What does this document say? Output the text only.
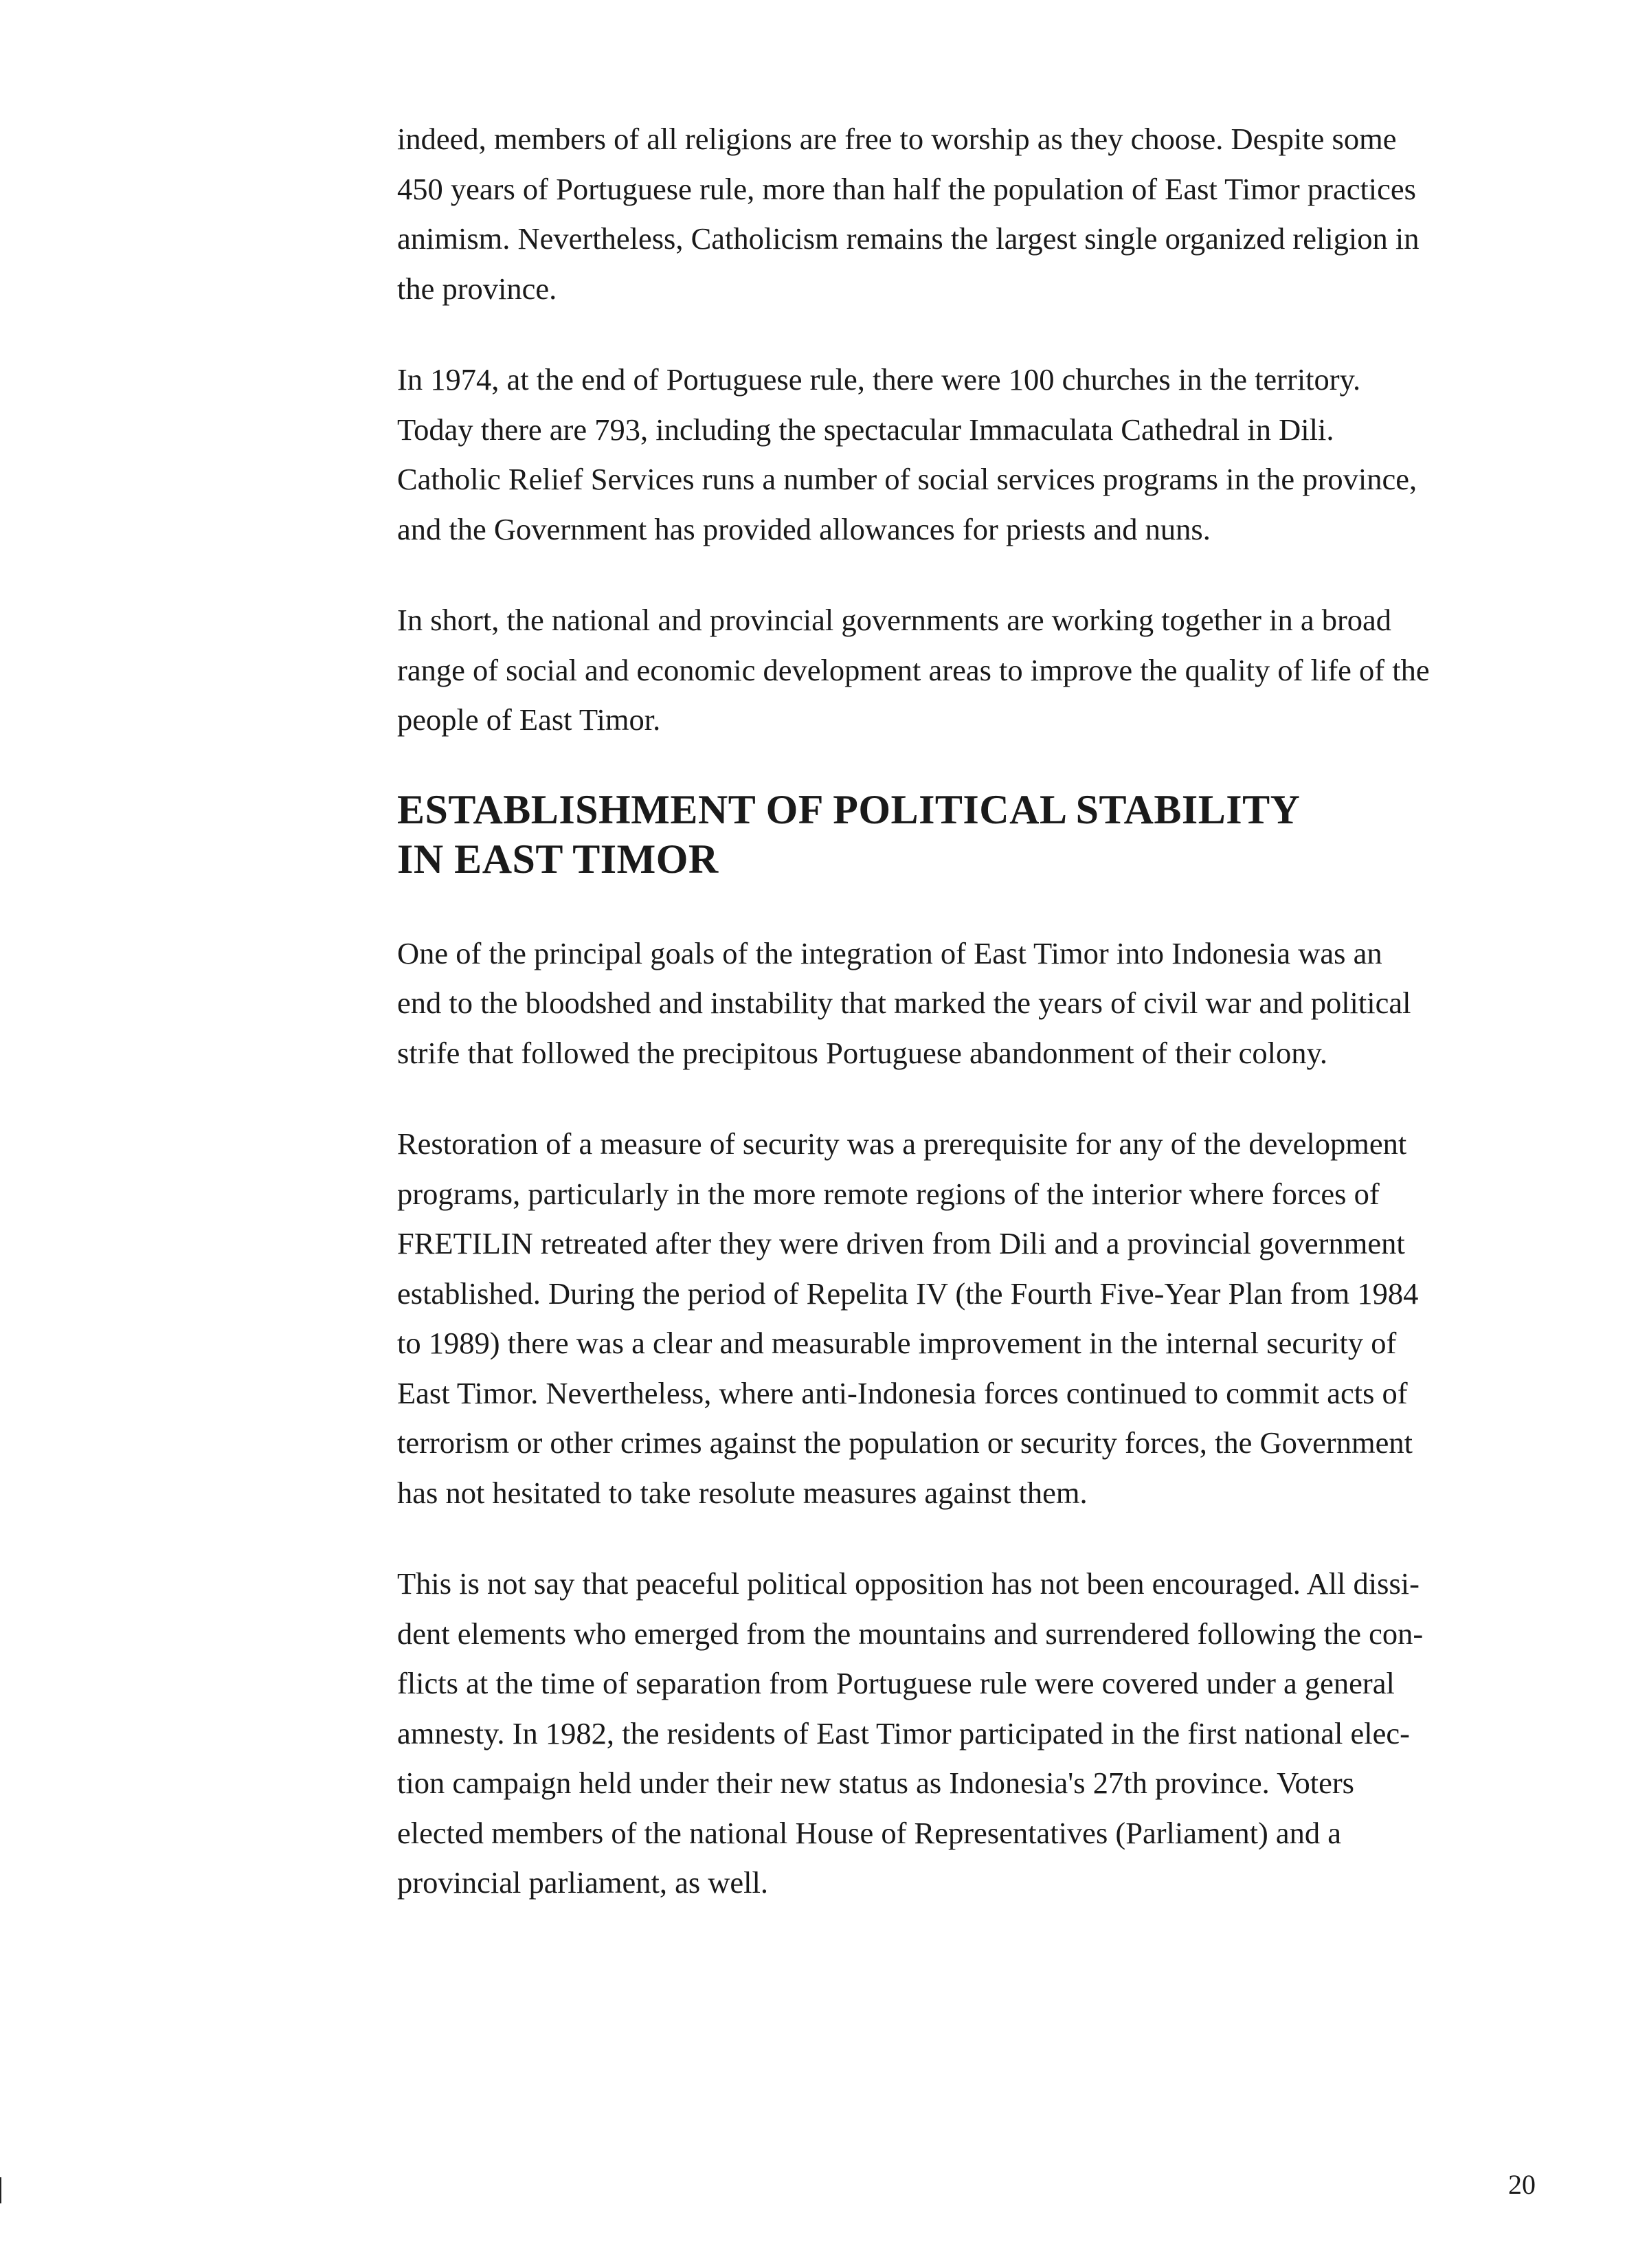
indeed, members of all religions are free to worship as they choose. Despite some
450 years of Portuguese rule, more than half the population of East Timor practices
animism. Nevertheless, Catholicism remains the largest single organized religion in
the province.

In 1974, at the end of Portuguese rule, there were 100 churches in the territory.
Today there are 793, including the spectacular Immaculata Cathedral in Dili.
Catholic Relief Services runs a number of social services programs in the province,
and the Government has provided allowances for priests and nuns.

In short, the national and provincial governments are working together in a broad
range of social and economic development areas to improve the quality of life of the
people of East Timor.

ESTABLISHMENT OF POLITICAL STABILITY
IN EAST TIMOR

One of the principal goals of the integration of East Timor into Indonesia was an
end to the bloodshed and instability that marked the years of civil war and political
strife that followed the precipitous Portuguese abandonment of their colony.

Restoration of a measure of security was a prerequisite for any of the development
programs, particularly in the more remote regions of the interior where forces of
FRETILIN retreated after they were driven from Dili and a provincial government
established. During the period of Repelita IV (the Fourth Five-Year Plan from 1984
to 1989) there was a clear and measurable improvement in the internal security of
East Timor. Nevertheless, where anti-Indonesia forces continued to commit acts of
terrorism or other crimes against the population or security forces, the Government
has not hesitated to take resolute measures against them.

This is not say that peaceful political opposition has not been encouraged. All dissi-
dent elements who emerged from the mountains and surrendered following the con-
flicts at the time of separation from Portuguese rule were covered under a general
amnesty. In 1982, the residents of East Timor participated in the first national elec-
tion campaign held under their new status as Indonesia's 27th province. Voters
elected members of the national House of Representatives (Parliament) and a
provincial parliament, as well.

20
